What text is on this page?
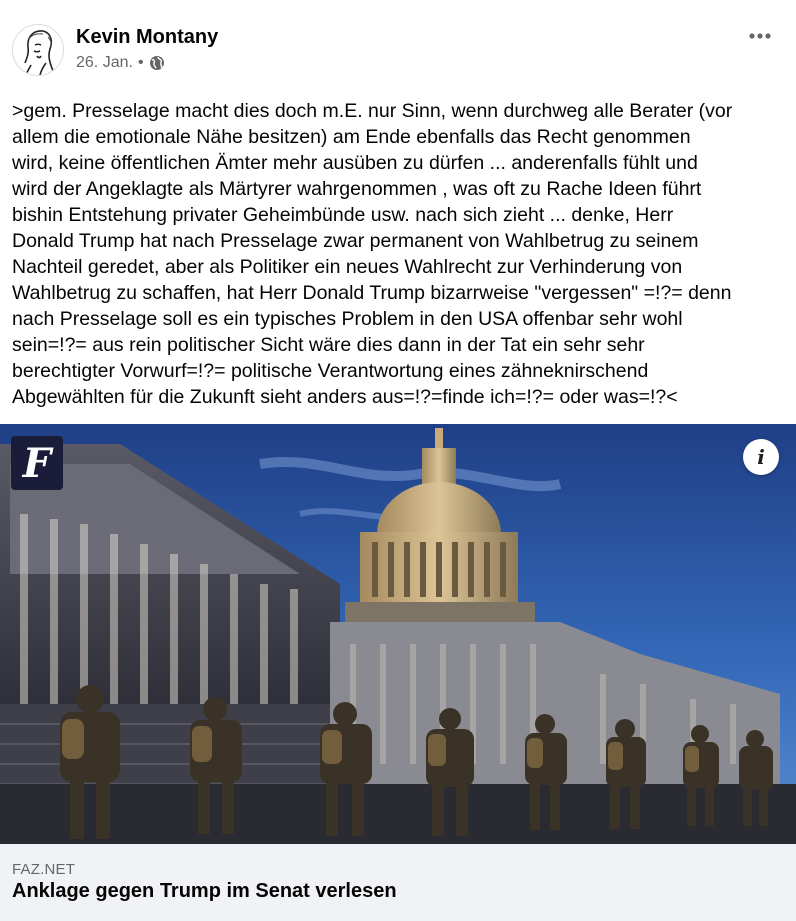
Kevin Montany
26. Jan. •

>gem. Presselage macht dies doch m.E. nur Sinn, wenn durchweg alle Berater (vor
allem die emotionale Nähe besitzen) am Ende ebenfalls das Recht genommen
wird, keine öffentlichen Ämter mehr ausüben zu dürfen ... anderenfalls fühlt und
wird der Angeklagte als Märtyrer wahrgenommen , was oft zu Rache Ideen führt
bishin Entstehung privater Geheimbünde usw. nach sich zieht ... denke, Herr
Donald Trump hat nach Presselage zwar permanent von Wahlbetrug zu seinem
Nachteil geredet, aber als Politiker ein neues Wahlrecht zur Verhinderung von
Wahlbetrug zu schaffen, hat Herr Donald Trump bizarrweise "vergessen" =!?= denn
nach Presselage soll es ein typisches Problem in den USA offenbar sehr wohl
sein=!?= aus rein politischer Sicht wäre dies dann in der Tat ein sehr sehr
berechtigter Vorwurf=!?= politische Verantwortung eines zähneknirschend
Abgewählten für die Zukunft sieht anders aus=!?=finde ich=!?= oder was=!?<

F	i
FAZ.NET
Anklage gegen Trump im Senat verlesen
